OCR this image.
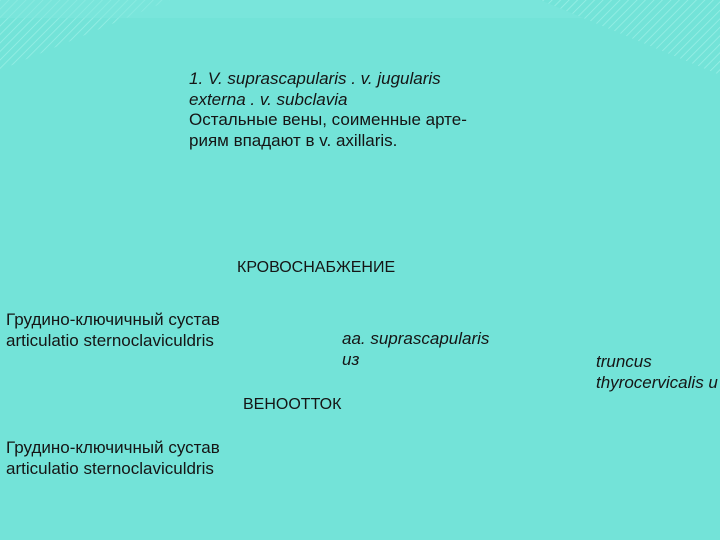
1. V. suprascapularis . v. jugularis
externa . v. subclavia
Остальные вены, соименные арте-
риям впадают в v. axillaris.
КРОВОСНАБЖЕНИЕ
Грудино-ключичный сустав
articulatio sternoclaviculdris	aa. suprascapularis
из	truncus
thyrocervicalis u
ВЕНООТТОК
Грудино-ключичный сустав
articulatio sternoclaviculdris
